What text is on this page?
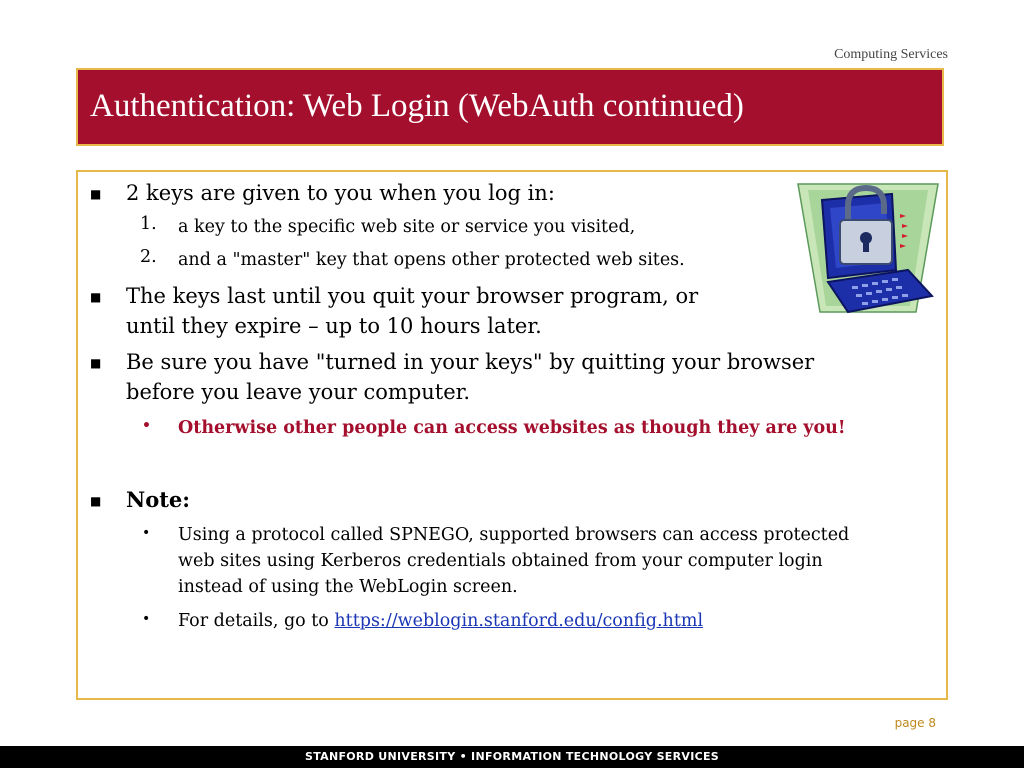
Computing Services
Authentication: Web Login (WebAuth continued)
■ 2 keys are given to you when you log in:
1. a key to the specific web site or service you visited,
2. and a "master" key that opens other protected web sites.
■ The keys last until you quit your browser program, or
until they expire – up to 10 hours later.
■ Be sure you have "turned in your keys" by quitting your browser
before you leave your computer.
• Otherwise other people can access websites as though they are you!
■ Note:
• Using a protocol called SPNEGO, supported browsers can access protected
web sites using Kerberos credentials obtained from your computer login
instead of using the WebLogin screen.
• For details, go to https://weblogin.stanford.edu/config.html
page 8
STANFORD UNIVERSITY • INFORMATION TECHNOLOGY SERVICES
